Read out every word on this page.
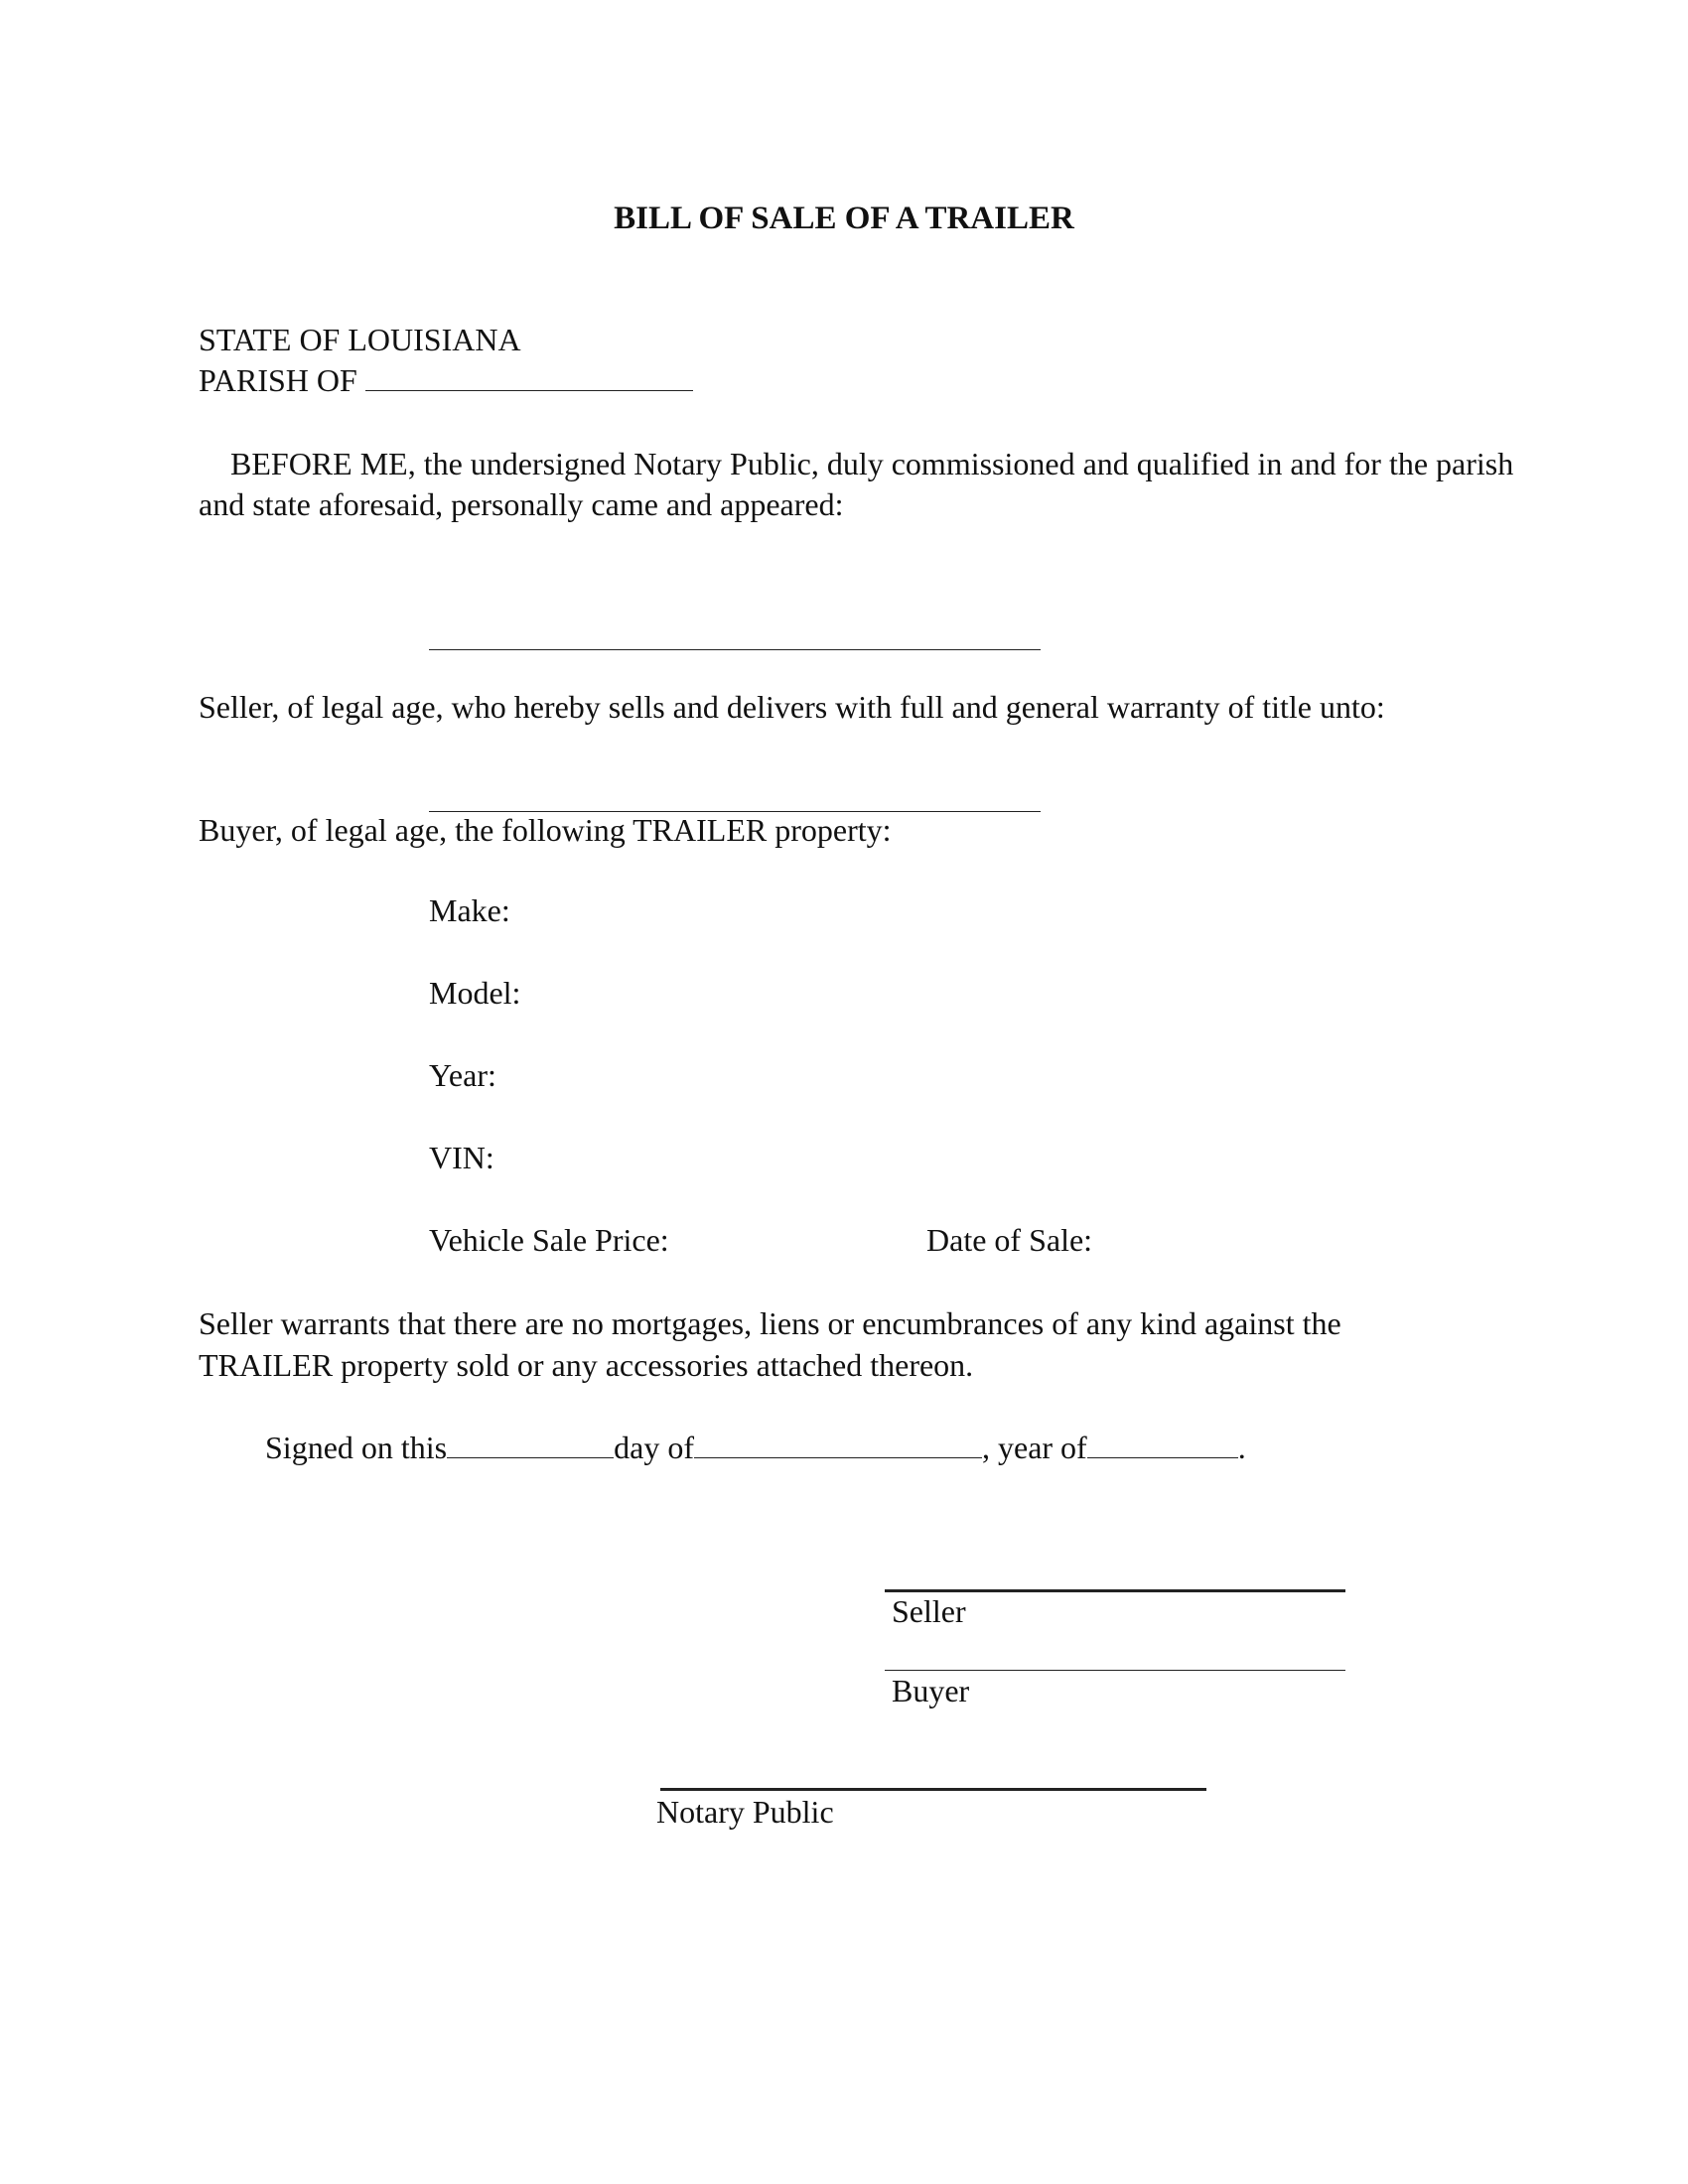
BILL OF SALE OF A TRAILER
STATE OF LOUISIANA
PARISH OF
BEFORE ME, the undersigned Notary Public, duly commissioned and qualified in and for the parish
and state aforesaid, personally came and appeared:
Seller, of legal age, who hereby sells and delivers with full and general warranty of title unto:
Buyer, of legal age, the following TRAILER property:
Make:
Model:
Year:
VIN:
Vehicle Sale Price:	Date of Sale:
Seller warrants that there are no mortgages, liens or encumbrances of any kind against the
TRAILER property sold or any accessories attached thereon.
Signed on this	day of	, year of	.
Seller
Buyer
Notary Public
